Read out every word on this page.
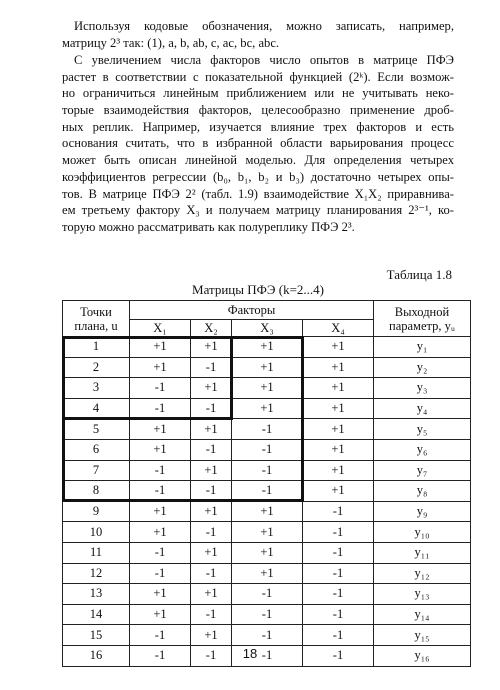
Используя кодовые обозначения, можно записать, например,
матрицу 2³ так: (1), a, b, ab, c, ac, bc, abc.
С увеличением числа факторов число опытов в матрице ПФЭ
растет в соответствии с показательной функцией (2ᵏ). Если возмож-
но ограничиться линейным приближением или не учитывать неко-
торые взаимодействия факторов, целесообразно применение дроб-
ных реплик. Например, изучается влияние трех факторов и есть
основания считать, что в избранной области варьирования процесс
может быть описан линейной моделью. Для определения четырех
коэффициентов регрессии (b₀, b₁, b₂ и b₃) достаточно четырех опы-
тов. В матрице ПФЭ 2² (табл. 1.9) взаимодействие X₁X₂ приравнива-
ем третьему фактору X₃ и получаем матрицу планирования 2³⁻¹, ко-
торую можно рассматривать как полуреплику ПФЭ 2³.
Таблица 1.8
Матрицы ПФЭ (k=2...4)
Точки плана, u	Факторы				Выходной параметр, yᵤ
	X₁	X₂	X₃	X₄	
1	+1	+1	+1	+1	y₁
2	+1	-1	+1	+1	y₂
3	-1	+1	+1	+1	y₃
4	-1	-1	+1	+1	y₄
5	+1	+1	-1	+1	y₅
6	+1	-1	-1	+1	y₆
7	-1	+1	-1	+1	y₇
8	-1	-1	-1	+1	y₈
9	+1	+1	+1	-1	y₉
10	+1	-1	+1	-1	y₁₀
11	-1	+1	+1	-1	y₁₁
12	-1	-1	+1	-1	y₁₂
13	+1	+1	-1	-1	y₁₃
14	+1	-1	-1	-1	y₁₄
15	-1	+1	-1	-1	y₁₅
16	-1	-1	-1	-1	y₁₆
18
